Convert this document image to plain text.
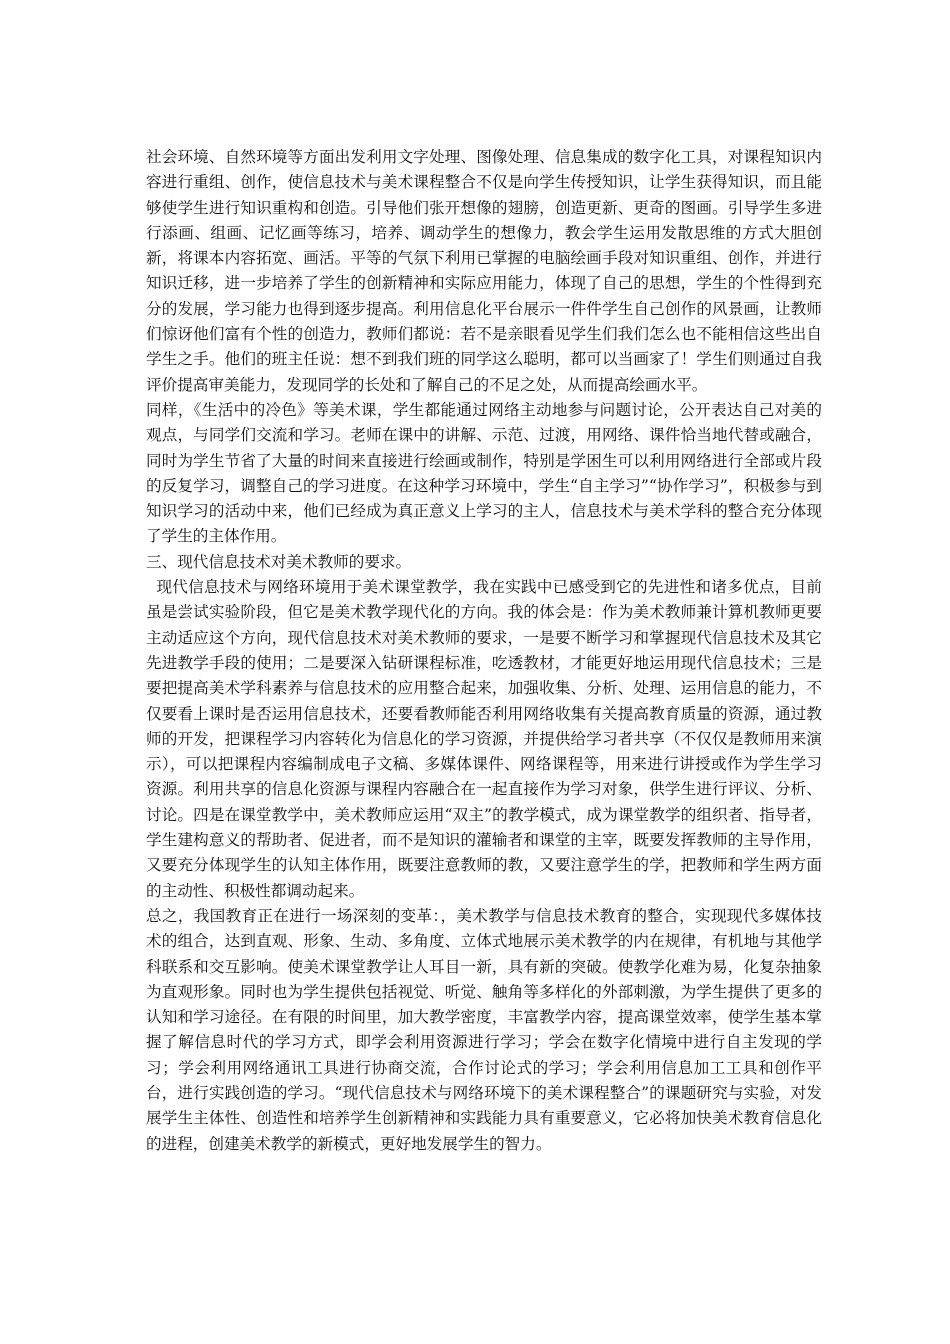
社会环境、自然环境等方面出发利用文字处理、图像处理、信息集成的数字化工具，对课程知识内容进行重组、创作，使信息技术与美术课程整合不仅是向学生传授知识，让学生获得知识，而且能够使学生进行知识重构和创造。引导他们张开想像的翅膀，创造更新、更奇的图画。引导学生多进行添画、组画、记忆画等练习，培养、调动学生的想像力，教会学生运用发散思维的方式大胆创新，将课本内容拓宽、画活。平等的气氛下利用已掌握的电脑绘画手段对知识重组、创作，并进行知识迁移，进一步培养了学生的创新精神和实际应用能力，体现了自己的思想，学生的个性得到充分的发展，学习能力也得到逐步提高。利用信息化平台展示一件件学生自己创作的风景画，让教师们惊讶他们富有个性的创造力，教师们都说：若不是亲眼看见学生们我们怎么也不能相信这些出自学生之手。他们的班主任说：想不到我们班的同学这么聪明，都可以当画家了！学生们则通过自我评价提高审美能力，发现同学的长处和了解自己的不足之处，从而提高绘画水平。

同样，《生活中的冷色》等美术课，学生都能通过网络主动地参与问题讨论，公开表达自己对美的观点，与同学们交流和学习。老师在课中的讲解、示范、过渡，用网络、课件恰当地代替或融合，同时为学生节省了大量的时间来直接进行绘画或制作，特别是学困生可以利用网络进行全部或片段的反复学习，调整自己的学习进度。在这种学习环境中，学生“自主学习”“协作学习”，积极参与到知识学习的活动中来，他们已经成为真正意义上学习的主人，信息技术与美术学科的整合充分体现了学生的主体作用。

三、现代信息技术对美术教师的要求。

现代信息技术与网络环境用于美术课堂教学，我在实践中已感受到它的先进性和诸多优点，目前虽是尝试实验阶段，但它是美术教学现代化的方向。我的体会是：作为美术教师兼计算机教师更要主动适应这个方向，现代信息技术对美术教师的要求，一是要不断学习和掌握现代信息技术及其它先进教学手段的使用；二是要深入钻研课程标准，吃透教材，才能更好地运用现代信息技术；三是要把提高美术学科素养与信息技术的应用整合起来，加强收集、分析、处理、运用信息的能力，不仅要看上课时是否运用信息技术，还要看教师能否利用网络收集有关提高教育质量的资源，通过教师的开发，把课程学习内容转化为信息化的学习资源，并提供给学习者共享（不仅仅是教师用来演示），可以把课程内容编制成电子文稿、多媒体课件、网络课程等，用来进行讲授或作为学生学习资源。利用共享的信息化资源与课程内容融合在一起直接作为学习对象，供学生进行评议、分析、讨论。四是在课堂教学中，美术教师应运用“双主”的教学模式，成为课堂教学的组织者、指导者，学生建构意义的帮助者、促进者，而不是知识的灌输者和课堂的主宰，既要发挥教师的主导作用，又要充分体现学生的认知主体作用，既要注意教师的教，又要注意学生的学，把教师和学生两方面的主动性、积极性都调动起来。

总之，我国教育正在进行一场深刻的变革：，美术教学与信息技术教育的整合，实现现代多媒体技术的组合，达到直观、形象、生动、多角度、立体式地展示美术教学的内在规律，有机地与其他学科联系和交互影响。使美术课堂教学让人耳目一新，具有新的突破。使教学化难为易，化复杂抽象为直观形象。同时也为学生提供包括视觉、听觉、触角等多样化的外部刺激，为学生提供了更多的认知和学习途径。在有限的时间里，加大教学密度，丰富教学内容，提高课堂效率，使学生基本掌握了解信息时代的学习方式，即学会利用资源进行学习；学会在数字化情境中进行自主发现的学习；学会利用网络通讯工具进行协商交流，合作讨论式的学习；学会利用信息加工工具和创作平台，进行实践创造的学习。“现代信息技术与网络环境下的美术课程整合”的课题研究与实验，对发展学生主体性、创造性和培养学生创新精神和实践能力具有重要意义，它必将加快美术教育信息化的进程，创建美术教学的新模式，更好地发展学生的智力。
